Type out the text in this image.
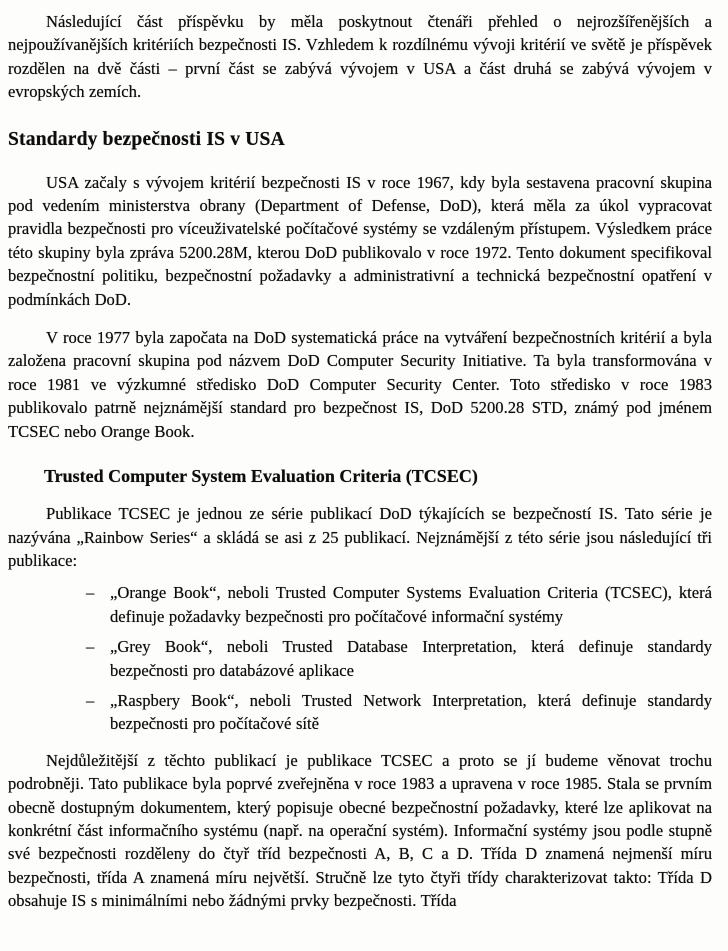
Následující část příspěvku by měla poskytnout čtenáři přehled o nejrozšířenějších a nejpoužívanějších kritériích bezpečnosti IS. Vzhledem k rozdílnému vývoji kritérií ve světě je příspěvek rozdělen na dvě části – první část se zabývá vývojem v USA a část druhá se zabývá vývojem v evropských zemích.

Standardy bezpečnosti IS v USA

USA začaly s vývojem kritérií bezpečnosti IS v roce 1967, kdy byla sestavena pracovní skupina pod vedením ministerstva obrany (Department of Defense, DoD), která měla za úkol vypracovat pravidla bezpečnosti pro víceuživatelské počítačové systémy se vzdáleným přístupem. Výsledkem práce této skupiny byla zpráva 5200.28M, kterou DoD publikovalo v roce 1972. Tento dokument specifikoval bezpečnostní politiku, bezpečnostní požadavky a administrativní a technická bezpečnostní opatření v podmínkách DoD.

V roce 1977 byla započata na DoD systematická práce na vytváření bezpečnostních kritérií a byla založena pracovní skupina pod názvem DoD Computer Security Initiative. Ta byla transformována v roce 1981 ve výzkumné středisko DoD Computer Security Center. Toto středisko v roce 1983 publikovalo patrně nejznámější standard pro bezpečnost IS, DoD 5200.28 STD, známý pod jménem TCSEC nebo Orange Book.

Trusted Computer System Evaluation Criteria (TCSEC)

Publikace TCSEC je jednou ze série publikací DoD týkajících se bezpečností IS. Tato série je nazývána „Rainbow Series“ a skládá se asi z 25 publikací. Nejznámější z této série jsou následující tři publikace:

– „Orange Book“, neboli Trusted Computer Systems Evaluation Criteria (TCSEC), která definuje požadavky bezpečnosti pro počítačové informační systémy
– „Grey Book“, neboli Trusted Database Interpretation, která definuje standardy bezpečnosti pro databázové aplikace
– „Raspbery Book“, neboli Trusted Network Interpretation, která definuje standardy bezpečnosti pro počítačové sítě

Nejdůležitější z těchto publikací je publikace TCSEC a proto se jí budeme věnovat trochu podrobněji. Tato publikace byla poprvé zveřejněna v roce 1983 a upravena v roce 1985. Stala se prvním obecně dostupným dokumentem, který popisuje obecné bezpečnostní požadavky, které lze aplikovat na konkrétní část informačního systému (např. na operační systém). Informační systémy jsou podle stupně své bezpečnosti rozděleny do čtyř tříd bezpečnosti A, B, C a D. Třída D znamená nejmenší míru bezpečnosti, třída A znamená míru největší. Stručně lze tyto čtyři třídy charakterizovat takto: Třída D obsahuje IS s minimálními nebo žádnými prvky bezpečnosti. Třída
